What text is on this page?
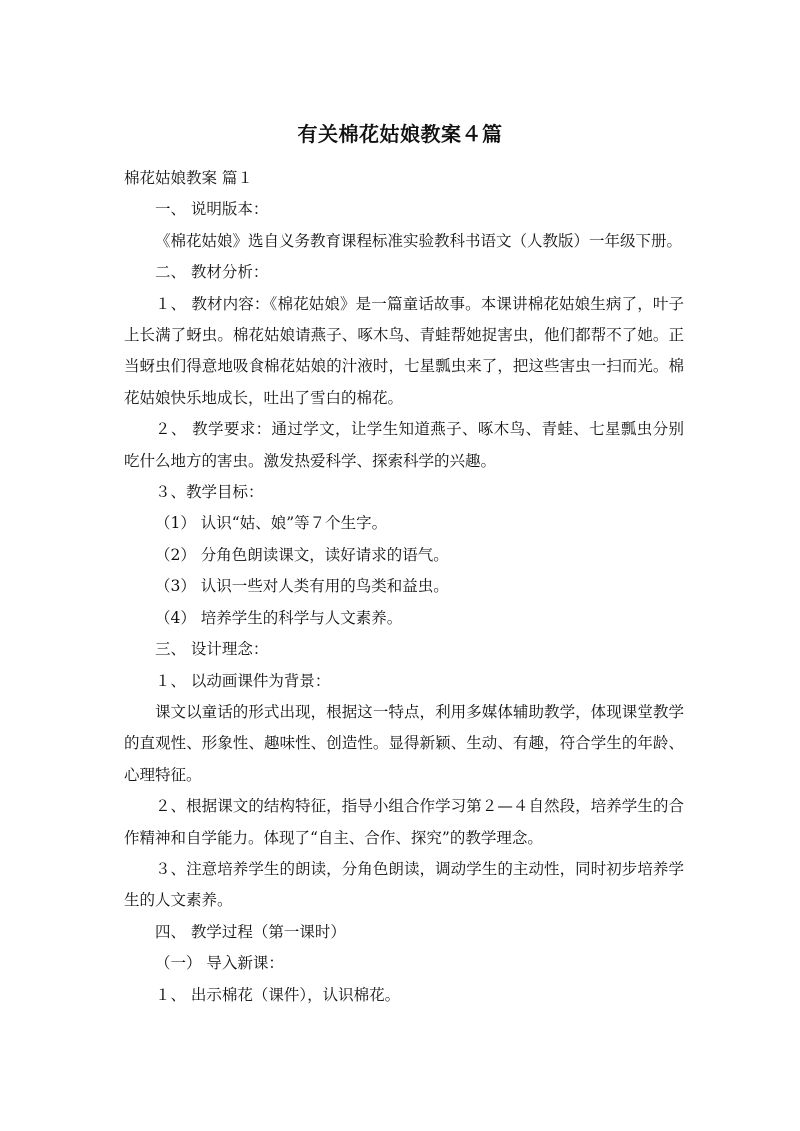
有关棉花姑娘教案４篇

棉花姑娘教案 篇１

一、 说明版本：

《棉花姑娘》选自义务教育课程标准实验教科书语文（人教版）一年级下册。

二、 教材分析：

１、 教材内容：《棉花姑娘》是一篇童话故事。本课讲棉花姑娘生病了，叶子上长满了蚜虫。棉花姑娘请燕子、啄木鸟、青蛙帮她捉害虫，他们都帮不了她。正当蚜虫们得意地吸食棉花姑娘的汁液时，七星瓢虫来了，把这些害虫一扫而光。棉花姑娘快乐地成长，吐出了雪白的棉花。

２、 教学要求：通过学文，让学生知道燕子、啄木鸟、青蛙、七星瓢虫分别吃什么地方的害虫。激发热爱科学、探索科学的兴趣。

３、教学目标：

（1） 认识“姑、娘”等７个生字。

（2） 分角色朗读课文，读好请求的语气。

（3） 认识一些对人类有用的鸟类和益虫。

（4） 培养学生的科学与人文素养。

三、 设计理念：

１、 以动画课件为背景：

课文以童话的形式出现，根据这一特点，利用多媒体辅助教学，体现课堂教学的直观性、形象性、趣味性、创造性。显得新颖、生动、有趣，符合学生的年龄、心理特征。

２、根据课文的结构特征，指导小组合作学习第２—４自然段，培养学生的合作精神和自学能力。体现了“自主、合作、探究”的教学理念。

３、注意培养学生的朗读，分角色朗读，调动学生的主动性，同时初步培养学生的人文素养。

四、 教学过程（第一课时）

（一） 导入新课：

１、 出示棉花（课件），认识棉花。
